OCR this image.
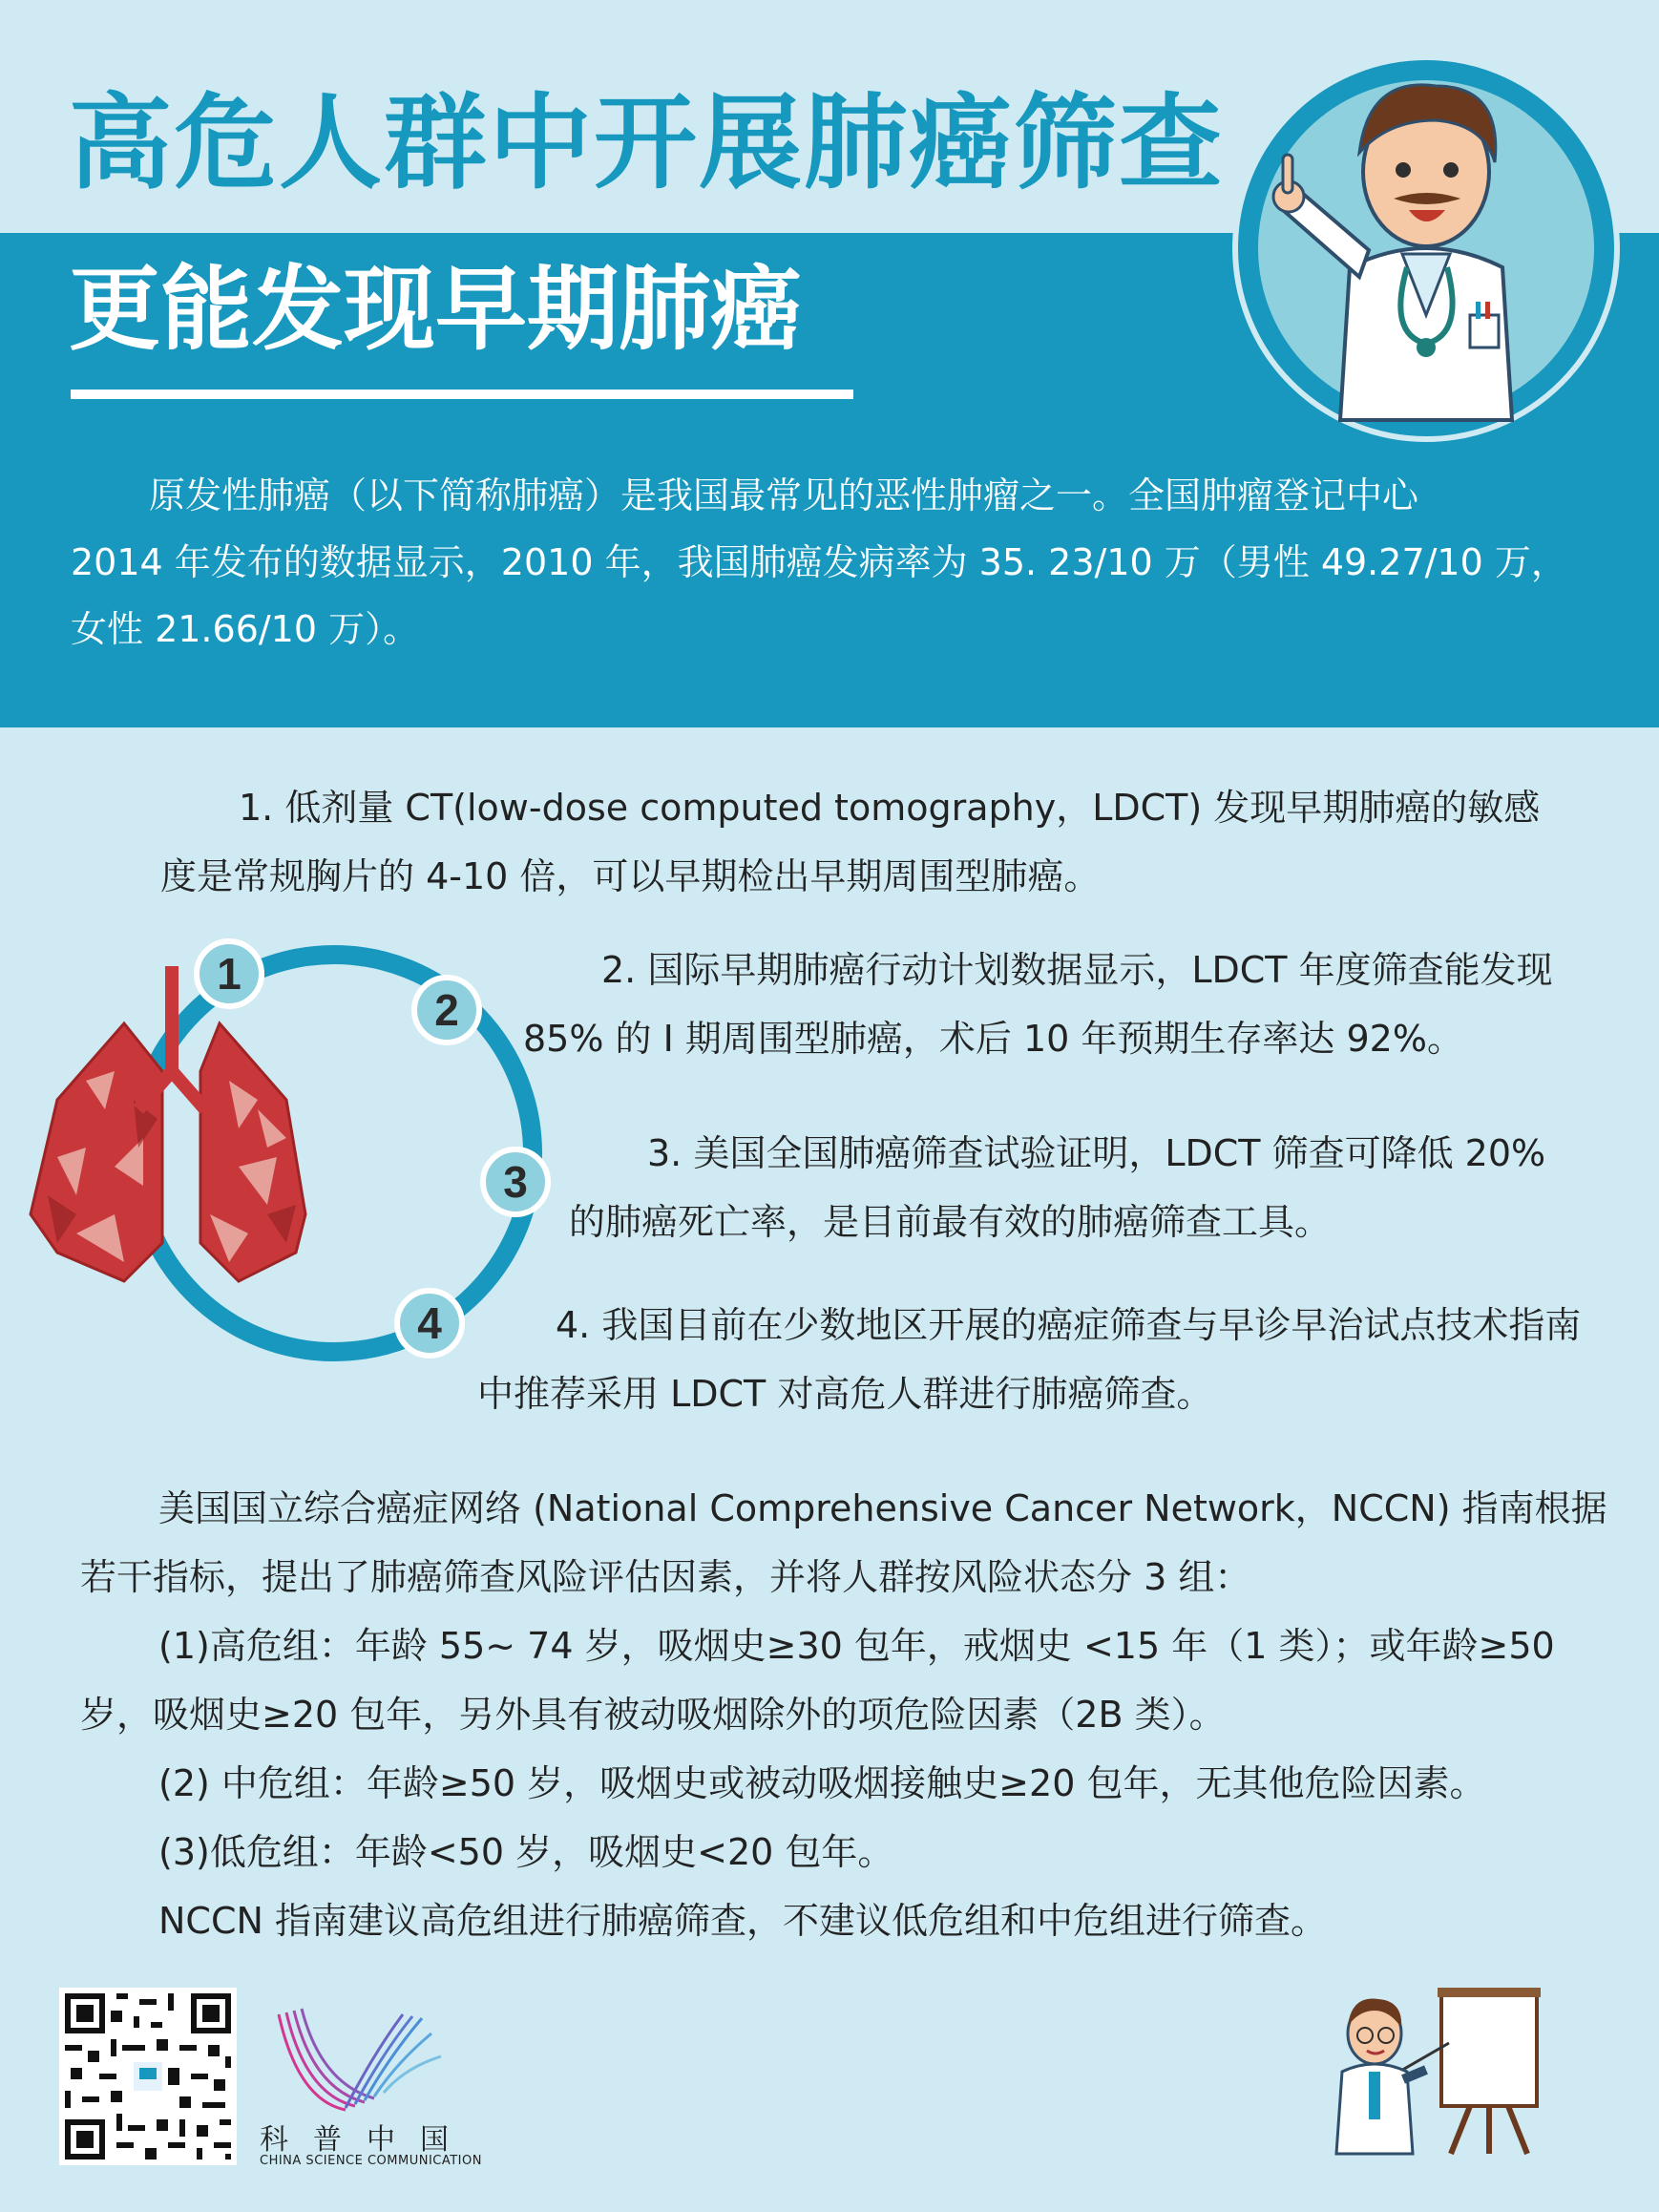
高危人群中开展肺癌筛查
更能发现早期肺癌

原发性肺癌（以下简称肺癌）是我国最常见的恶性肿瘤之一。全国肿瘤登记中心

2014 年发布的数据显示，2010 年，我国肺癌发病率为 35. 23/10 万（男性 49.27/10 万，
女性 21.66/10 万）。
1
2
3
4

1. 低剂量 CT(low-dose computed tomography，LDCT) 发现早期肺癌的敏感度是常规胸片的 4-10 倍，可以早期检出早期周围型肺癌。

2. 国际早期肺癌行动计划数据显示，LDCT 年度筛查能发现 85% 的 I 期周围型肺癌，术后 10 年预期生存率达 92%。

3. 美国全国肺癌筛查试验证明，LDCT 筛查可降低 20% 的肺癌死亡率，是目前最有效的肺癌筛查工具。

4. 我国目前在少数地区开展的癌症筛查与早诊早治试点技术指南中推荐采用 LDCT 对高危人群进行肺癌筛查。

美国国立综合癌症网络 (National Comprehensive Cancer Network，NCCN) 指南根据若干指标，提出了肺癌筛查风险评估因素，并将人群按风险状态分 3 组：

(1)高危组：年龄 55~ 74 岁，吸烟史≥30 包年，戒烟史 <15 年（1 类）；或年龄≥50 岁，吸烟史≥20 包年，另外具有被动吸烟除外的项危险因素（2B 类）。

(2) 中危组：年龄≥50 岁，吸烟史或被动吸烟接触史≥20 包年，无其他危险因素。

(3)低危组：年龄<50 岁，吸烟史<20 包年。

NCCN 指南建议高危组进行肺癌筛查，不建议低危组和中危组进行筛查。

科普中国
CHINA SCIENCE COMMUNICATION
